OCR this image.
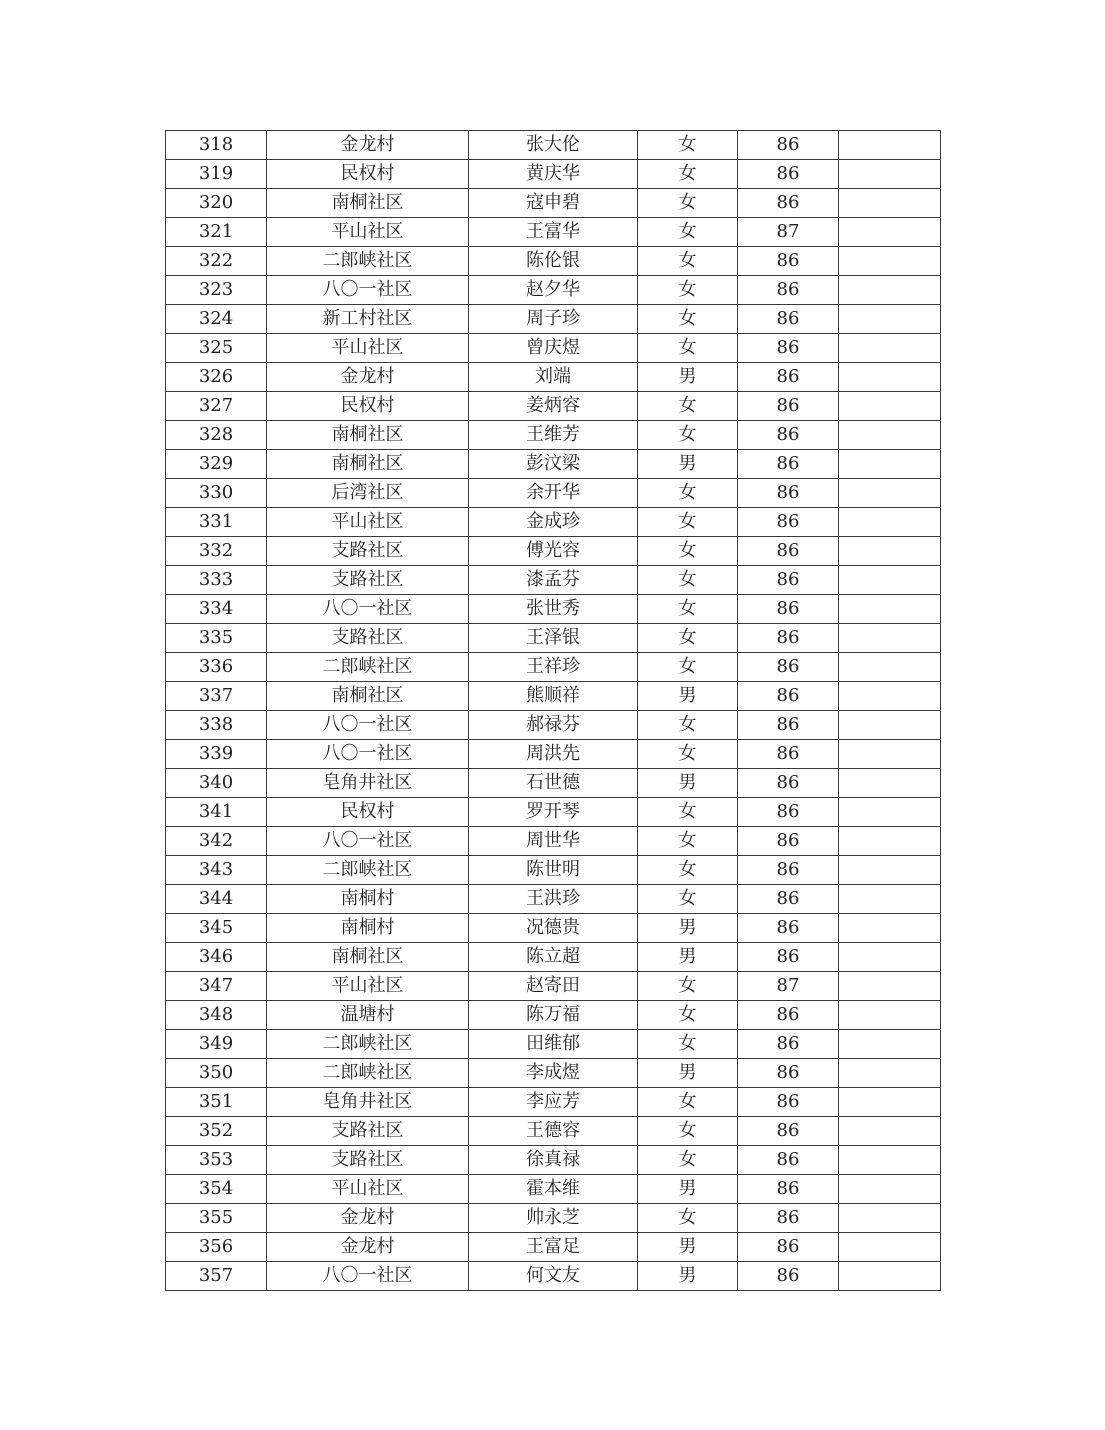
318	金龙村	张大伦	女	86	
319	民权村	黄庆华	女	86	
320	南桐社区	寇申碧	女	86	
321	平山社区	王富华	女	87	
322	二郎峡社区	陈伦银	女	86	
323	八〇一社区	赵夕华	女	86	
324	新工村社区	周子珍	女	86	
325	平山社区	曾庆煜	女	86	
326	金龙村	刘端	男	86	
327	民权村	姜炳容	女	86	
328	南桐社区	王维芳	女	86	
329	南桐社区	彭汶梁	男	86	
330	后湾社区	余开华	女	86	
331	平山社区	金成珍	女	86	
332	支路社区	傅光容	女	86	
333	支路社区	漆孟芬	女	86	
334	八〇一社区	张世秀	女	86	
335	支路社区	王泽银	女	86	
336	二郎峡社区	王祥珍	女	86	
337	南桐社区	熊顺祥	男	86	
338	八〇一社区	郝禄芬	女	86	
339	八〇一社区	周洪先	女	86	
340	皂角井社区	石世德	男	86	
341	民权村	罗开琴	女	86	
342	八〇一社区	周世华	女	86	
343	二郎峡社区	陈世明	女	86	
344	南桐村	王洪珍	女	86	
345	南桐村	况德贵	男	86	
346	南桐社区	陈立超	男	86	
347	平山社区	赵寄田	女	87	
348	温塘村	陈万福	女	86	
349	二郎峡社区	田维郁	女	86	
350	二郎峡社区	李成煜	男	86	
351	皂角井社区	李应芳	女	86	
352	支路社区	王德容	女	86	
353	支路社区	徐真禄	女	86	
354	平山社区	霍本维	男	86	
355	金龙村	帅永芝	女	86	
356	金龙村	王富足	男	86	
357	八〇一社区	何文友	男	86	
